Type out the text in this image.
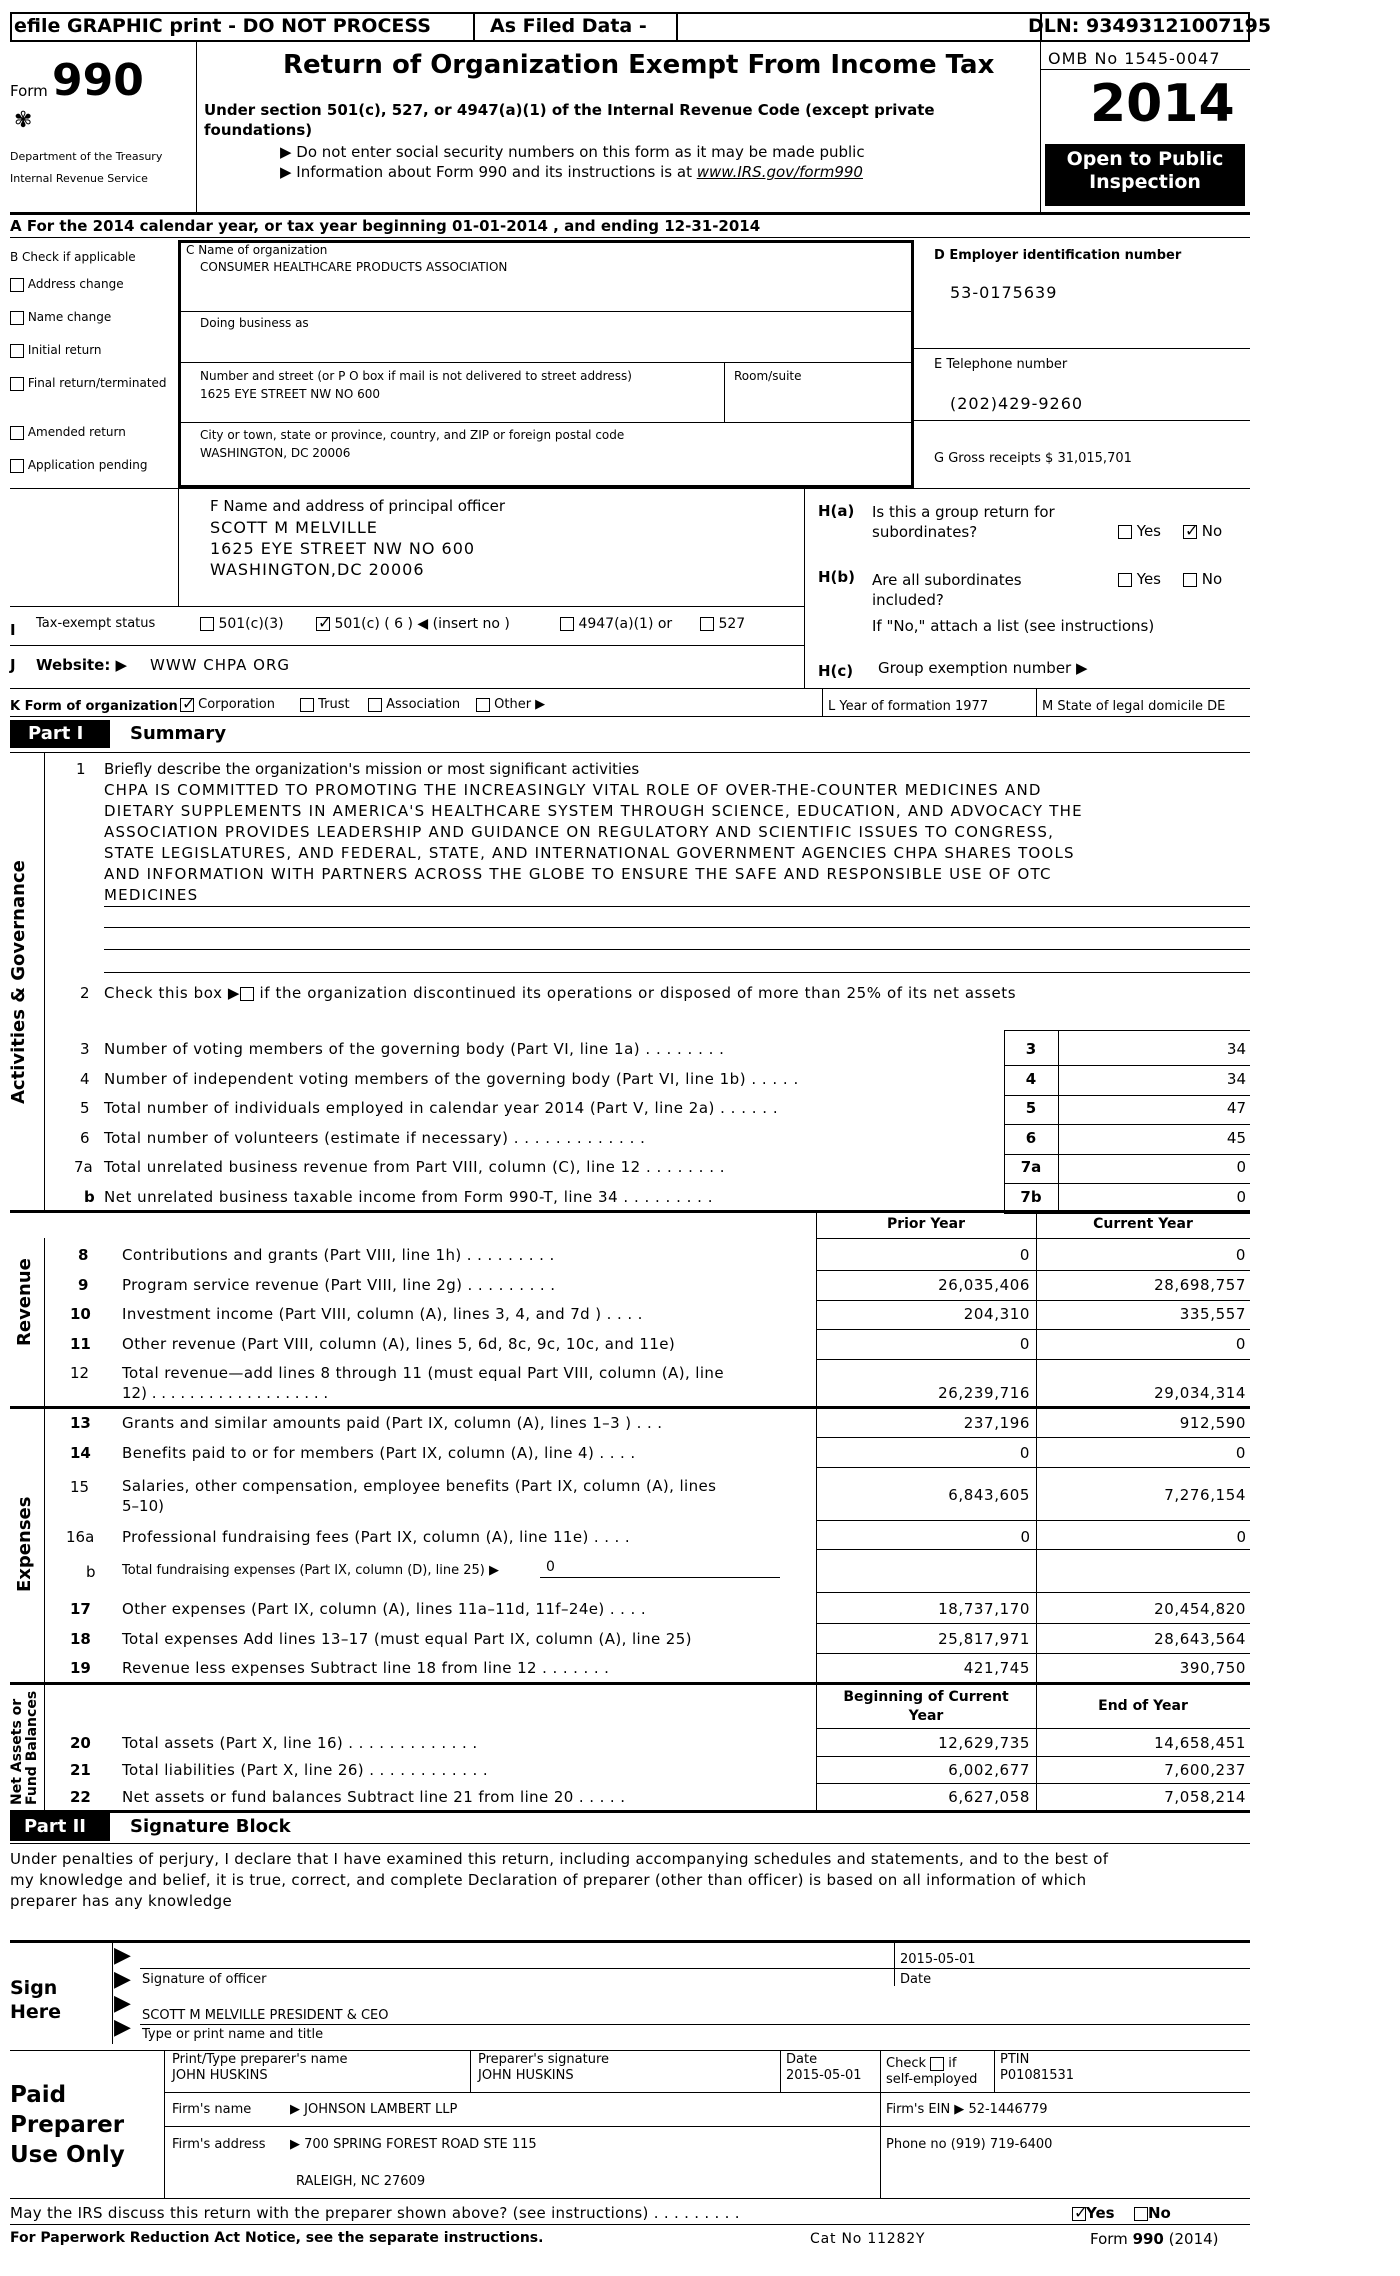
efile GRAPHIC print - DO NOT PROCESS	As Filed Data -	DLN: 93493121007195
Form 990
✾
Department of the Treasury
Internal Revenue Service
Return of Organization Exempt From Income Tax
Under section 501(c), 527, or 4947(a)(1) of the Internal Revenue Code (except private foundations)
▶ Do not enter social security numbers on this form as it may be made public
▶ Information about Form 990 and its instructions is at www.IRS.gov/form990
OMB No 1545-0047
2014
Open to Public
Inspection
A For the 2014 calendar year, or tax year beginning 01-01-2014 , and ending 12-31-2014
B Check if applicable
Address change
Name change
Initial return
Final return/terminated
Amended return
Application pending
C Name of organization
CONSUMER HEALTHCARE PRODUCTS ASSOCIATION
Doing business as
Number and street (or P O box if mail is not delivered to street address)	Room/suite
1625 EYE STREET NW NO 600
City or town, state or province, country, and ZIP or foreign postal code
WASHINGTON, DC 20006
D Employer identification number
53-0175639
E Telephone number
(202)429-9260
G Gross receipts $ 31,015,701
F Name and address of principal officer
SCOTT M MELVILLE
1625 EYE STREET NW NO 600
WASHINGTON,DC 20006
H(a) Is this a group return for subordinates?	Yes ✓	No
H(b) Are all subordinates included?
Yes	No
If "No," attach a list (see instructions)
H(c) Group exemption number ▶
I Tax-exempt status	501(c)(3) ✓	501(c) ( 6 ) ◀ (insert no )	4947(a)(1) or	527
J Website: ▶ WWW CHPA ORG
K Form of organization ✓	Corporation	Trust	Association	Other ▶	L Year of formation 1977	M State of legal domicile DE
Part I	Summary
Activities & Governance
1 Briefly describe the organization's mission or most significant activities
CHPA IS COMMITTED TO PROMOTING THE INCREASINGLY VITAL ROLE OF OVER-THE-COUNTER MEDICINES AND
DIETARY SUPPLEMENTS IN AMERICA'S HEALTHCARE SYSTEM THROUGH SCIENCE, EDUCATION, AND ADVOCACY THE
ASSOCIATION PROVIDES LEADERSHIP AND GUIDANCE ON REGULATORY AND SCIENTIFIC ISSUES TO CONGRESS,
STATE LEGISLATURES, AND FEDERAL, STATE, AND INTERNATIONAL GOVERNMENT AGENCIES CHPA SHARES TOOLS
AND INFORMATION WITH PARTNERS ACROSS THE GLOBE TO ENSURE THE SAFE AND RESPONSIBLE USE OF OTC
MEDICINES
2 Check this box ▶ if the organization discontinued its operations or disposed of more than 25% of its net assets
3 Number of voting members of the governing body (Part VI, line 1a) . . . . . . . .	3	34
4 Number of independent voting members of the governing body (Part VI, line 1b) . . . . .	4	34
5 Total number of individuals employed in calendar year 2014 (Part V, line 2a) . . . . . .	5	47
6 Total number of volunteers (estimate if necessary) . . . . . . . . . . . . .	6	45
7a Total unrelated business revenue from Part VIII, column (C), line 12 . . . . . . . .	7a	0
b Net unrelated business taxable income from Form 990-T, line 34 . . . . . . . . .	7b	0
Prior Year	Current Year
Revenue
8 Contributions and grants (Part VIII, line 1h) . . . . . . . . .	0	0
9 Program service revenue (Part VIII, line 2g) . . . . . . . . .	26,035,406	28,698,757
10 Investment income (Part VIII, column (A), lines 3, 4, and 7d ) . . . .	204,310	335,557
11 Other revenue (Part VIII, column (A), lines 5, 6d, 8c, 9c, 10c, and 11e)	0	0
12 Total revenue—add lines 8 through 11 (must equal Part VIII, column (A), line
12) . . . . . . . . . . . . . . . . . . .	26,239,716	29,034,314
Expenses
13 Grants and similar amounts paid (Part IX, column (A), lines 1–3 ) . . .	237,196	912,590
14 Benefits paid to or for members (Part IX, column (A), line 4) . . . .	0	0
15 Salaries, other compensation, employee benefits (Part IX, column (A), lines
5–10)
6,843,605	7,276,154
16a Professional fundraising fees (Part IX, column (A), line 11e) . . . .	0	0
b Total fundraising expenses (Part IX, column (D), line 25) ▶	0
17 Other expenses (Part IX, column (A), lines 11a–11d, 11f–24e) . . . .	18,737,170	20,454,820
18 Total expenses Add lines 13–17 (must equal Part IX, column (A), line 25)	25,817,971	28,643,564
19 Revenue less expenses Subtract line 18 from line 12 . . . . . . .	421,745	390,750
Beginning of Current
Year
End of Year
Net Assets or Fund Balances 20 Total assets (Part X, line 16) . . . . . . . . . . . . .	12,629,735	14,658,451
21 Total liabilities (Part X, line 26) . . . . . . . . . . . .	6,002,677	7,600,237
22 Net assets or fund balances Subtract line 21 from line 20 . . . . .	6,627,058	7,058,214
Part II Signature Block
Under penalties of perjury, I declare that I have examined this return, including accompanying schedules and statements, and to the best of
my knowledge and belief, it is true, correct, and complete Declaration of preparer (other than officer) is based on all information of which
preparer has any knowledge
Sign
Here
▶
▶
▶
▶
2015-05-01
Signature of officer	Date
SCOTT M MELVILLE PRESIDENT & CEO
Type or print name and title
Paid
Preparer
Use Only
Print/Type preparer's name
JOHN HUSKINS
Preparer's signature
JOHN HUSKINS
Date
2015-05-01
Check if
self-employed
PTIN
P01081531
Firm's name	▶ JOHNSON LAMBERT LLP	Firm's EIN ▶ 52-1446779
Firm's address ▶ 700 SPRING FOREST ROAD STE 115
RALEIGH, NC 27609
Phone no (919) 719-6400
May the IRS discuss this return with the preparer shown above? (see instructions) . . . . . . . . . ✓	Yes	No
For Paperwork Reduction Act Notice, see the separate instructions.	Cat No 11282Y	Form 990 (2014)
